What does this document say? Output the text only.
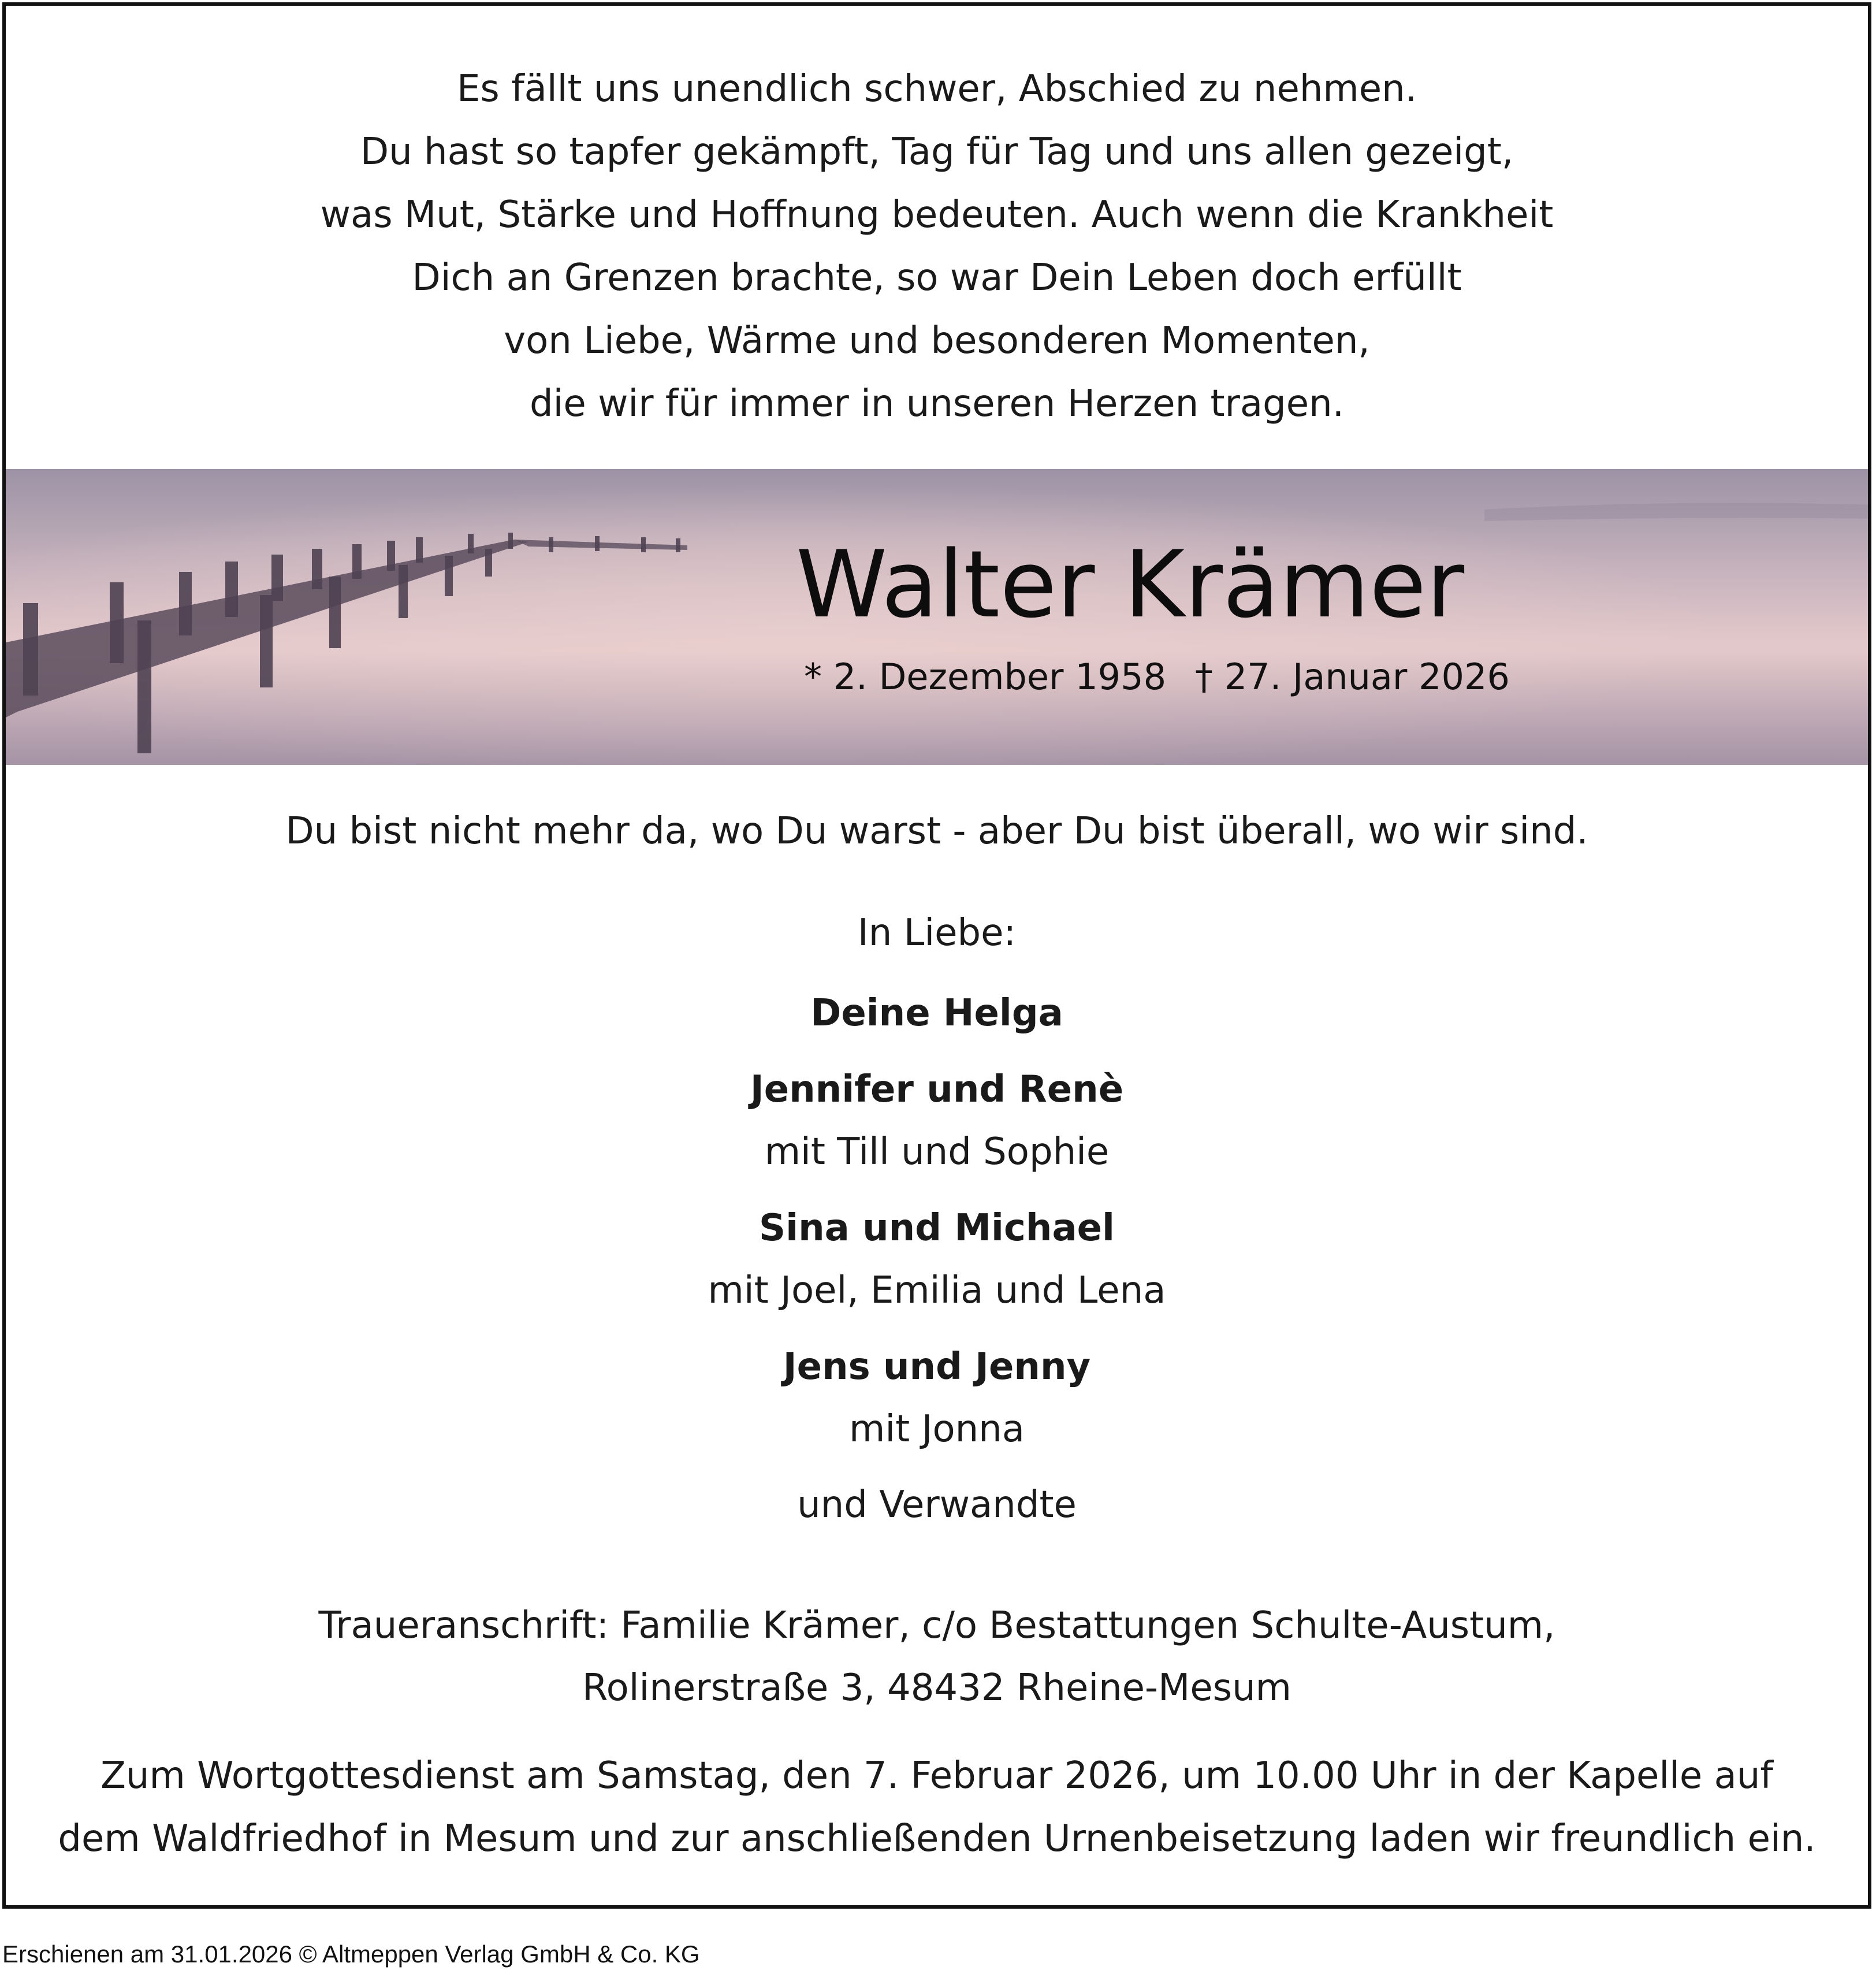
Es fällt uns unendlich schwer, Abschied zu nehmen.
Du hast so tapfer gekämpft, Tag für Tag und uns allen gezeigt,
was Mut, Stärke und Hoffnung bedeuten. Auch wenn die Krankheit
Dich an Grenzen brachte, so war Dein Leben doch erfüllt
von Liebe, Wärme und besonderen Momenten,
die wir für immer in unseren Herzen tragen.
Walter Krämer
* 2. Dezember 1958 † 27. Januar 2026
Du bist nicht mehr da, wo Du warst - aber Du bist überall, wo wir sind.
In Liebe:
Deine Helga
Jennifer und Renè
mit Till und Sophie
Sina und Michael
mit Joel, Emilia und Lena
Jens und Jenny
mit Jonna
und Verwandte
Traueranschrift: Familie Krämer, c/o Bestattungen Schulte-Austum,
Rolinerstraße 3, 48432 Rheine-Mesum
Zum Wortgottesdienst am Samstag, den 7. Februar 2026, um 10.00 Uhr in der Kapelle auf
dem Waldfriedhof in Mesum und zur anschließenden Urnenbeisetzung laden wir freundlich ein.
Erschienen am 31.01.2026 © Altmeppen Verlag GmbH & Co. KG
